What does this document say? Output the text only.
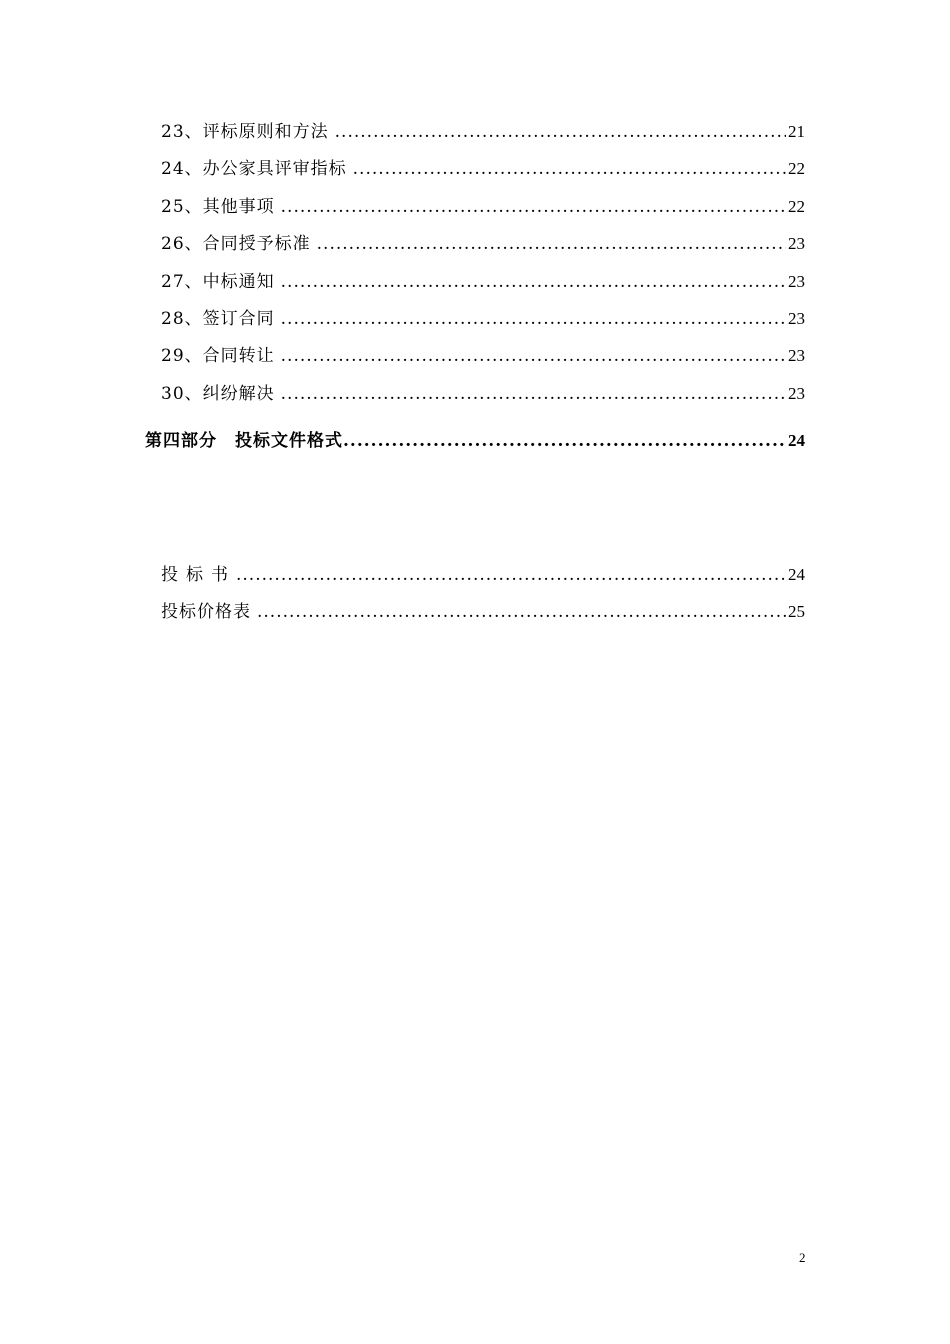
23、评标原则和方法 .....	21
24、办公家具评审指标 .....	22
25、其他事项 .....	22
26、合同授予标准 .....	23
27、中标通知 .....	23
28、签订合同 .....	23
29、合同转让 .....	23
30、纠纷解决 .....	23
第四部分　投标文件格式 .....	24
投标书 .....	24
投标价格表 .....	25
2
